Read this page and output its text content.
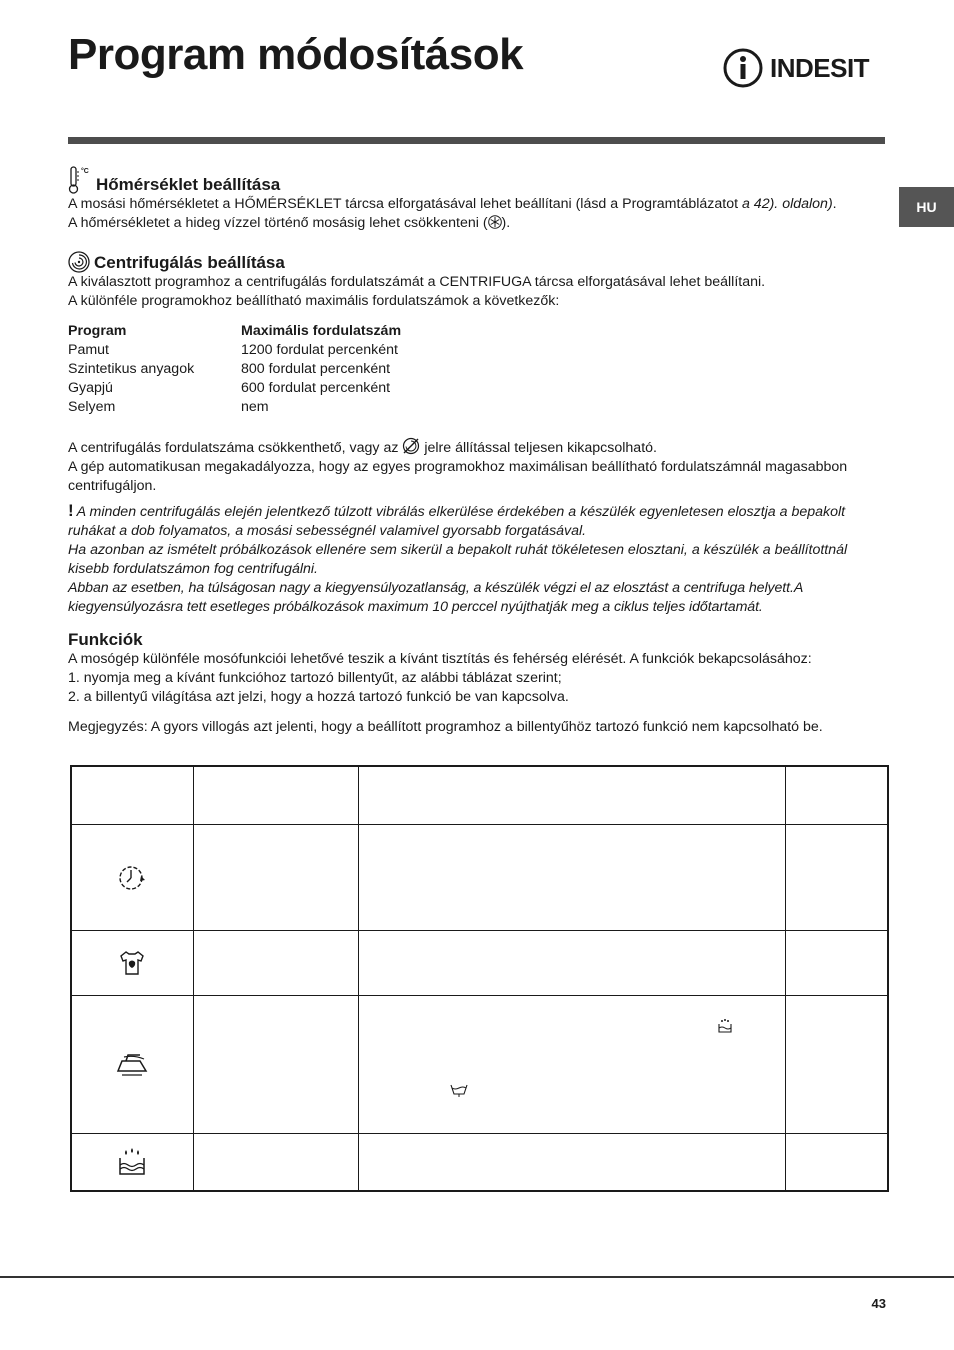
Program módosítások	INDESIT
HU
°C
Hőmérséklet beállítása

A mosási hőmérsékletet a HŐMÉRSÉKLET tárcsa elforgatásával lehet beállítani (lásd a Programtáblázatot a 42). oldalon).

A hőmérsékletet a hideg vízzel történő mosásig lehet csökkenteni ( ).

Centrifugálás beállítása

A kiválasztott programhoz a centrifugálás fordulatszámát a CENTRIFUGA tárcsa elforgatásával lehet beállítani.

A különféle programokhoz beállítható maximális fordulatszámok a következők:

Program	Maximális fordulatszám
Pamut	1200 fordulat percenként
Szintetikus anyagok	800 fordulat percenként
Gyapjú	600 fordulat percenként
Selyem	nem

A centrifugálás fordulatszáma csökkenthető, vagy az  jelre állítással teljesen kikapcsolható.

A gép automatikusan megakadályozza, hogy az egyes programokhoz maximálisan beállítható fordulatszámnál magasabbon centrifugáljon.

! A minden centrifugálás elején jelentkező túlzott vibrálás elkerülése érdekében a készülék egyenletesen elosztja a bepakolt ruhákat a dob folyamatos, a mosási sebességnél valamivel gyorsabb forgatásával.

Ha azonban az ismételt próbálkozások ellenére sem sikerül a bepakolt ruhát tökéletesen elosztani, a készülék a beállítottnál kisebb fordulatszámon fog centrifugálni.

Abban az esetben, ha túlságosan nagy a kiegyensúlyozatlanság, a készülék végzi el az elosztást a centrifuga helyett.A kiegyensúlyozásra tett esetleges próbálkozások maximum 10 perccel nyújthatják meg a ciklus teljes időtartamát.

Funkciók

A mosógép különféle mosófunkciói lehetővé teszik a kívánt tisztítás és fehérség elérését. A funkciók bekapcsolásához:

1. nyomja meg a kívánt funkcióhoz tartozó billentyűt, az alábbi táblázat szerint;

2. a billentyű világítása azt jelzi, hogy a hozzá tartozó funkció be van kapcsolva.

Megjegyzés: A gyors villogás azt jelenti, hogy a beállított programhoz a billentyűhöz tartozó funkció nem kapcsolható be.

43
